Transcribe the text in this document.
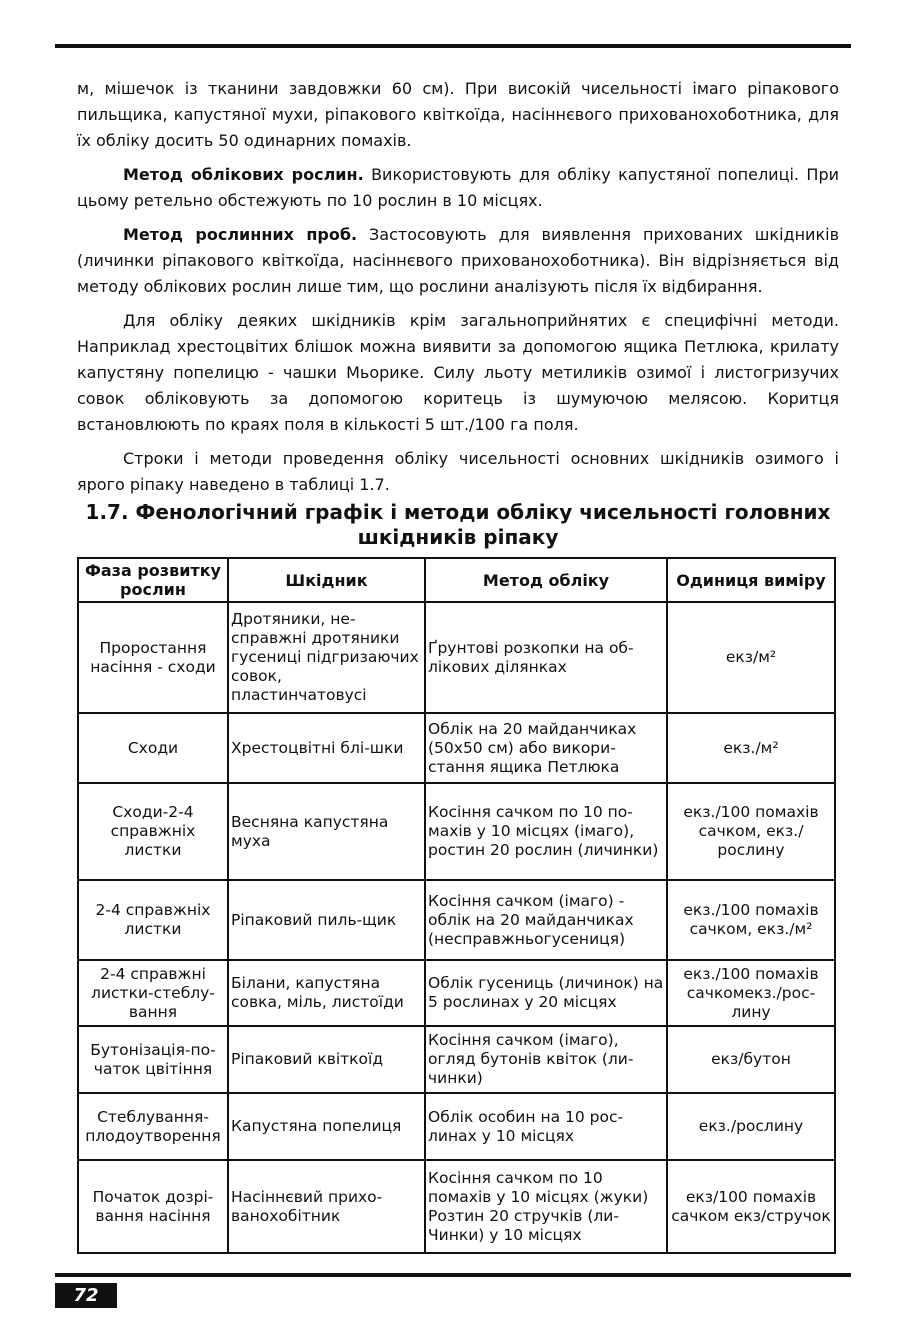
м, мішечок із тканини завдовжки 60 см). При високій чисельності імаго ріпакового пильщика, капустяної мухи, ріпакового квіткоїда, насіннєвого прихованохоботника, для їх обліку досить 50 одинарних помахів.

Метод облікових рослин. Використовують для обліку капустяної попелиці. При цьому ретельно обстежують по 10 рослин в 10 місцях.

Метод рослинних проб. Застосовують для виявлення прихованих шкідників (личинки ріпакового квіткоїда, насіннєвого прихованохоботника). Він відрізняється від методу облікових рослин лише тим, що рослини аналізують після їх відбирання.

Для обліку деяких шкідників крім загальноприйнятих є специфічні методи. Наприклад хрестоцвітих блішок можна виявити за допомогою ящика Петлюка, крилату капустяну попелицю - чашки Мьорике. Силу льоту метиликів озимої і листогризучих совок обліковують за допомогою коритець із шумуючою мелясою. Коритця встановлюють по краях поля в кількості 5 шт./100 га поля.

Строки і методи проведення обліку чисельності основних шкідників озимого і ярого ріпаку наведено в таблиці 1.7.

1.7. Фенологічний графік і методи обліку чисельності головних шкідників ріпаку
Фаза розвитку рослин	Шкідник	Метод обліку	Одиниця виміру
Проростання насіння - сходи	Дротяники, несправжні дротяники гусениці підгризаючих совок, пластинчатовусі	Ґрунтові розкопки на облікових ділянках	екз/м²
Сходи	Хрестоцвітні блі-шки	Облік на 20 майданчиках (50х50 см) або використання ящика Петлюка	екз./м²
Сходи-2-4 справжніх листки	Весняна капустяна муха	Косіння сачком по 10 помахів у 10 місцях (імаго), ростин 20 рослин (личинки)	екз./100 помахів сачком, екз./рослину
2-4 справжніх листки	Ріпаковий пиль-щик	Косіння сачком (імаго) - облік на 20 майданчиках (несправжньогусениця)	екз./100 помахів сачком, екз./м²
2-4 справжні листки-стеблування	Білани, капустяна совка, міль, листоїди	Облік гусениць (личинок) на 5 рослинах у 20 місцях	екз./100 помахів сачкомекз./рослину
Бутонізація-початок цвітіння	Ріпаковий квіткоїд	Косіння сачком (імаго), огляд бутонів квіток (личинки)	екз/бутон
Стеблування-плодоутворення	Капустяна попелиця	Облік особин на 10 рослинах у 10 місцях	екз./рослину
Початок дозрівання насіння	Насіннєвий прихованохобітник	Косіння сачком по 10 помахів у 10 місцях (жуки) Розтин 20 стручків (лиЧинки) у 10 місцях	екз/100 помахів сачком екз/стручок
72
